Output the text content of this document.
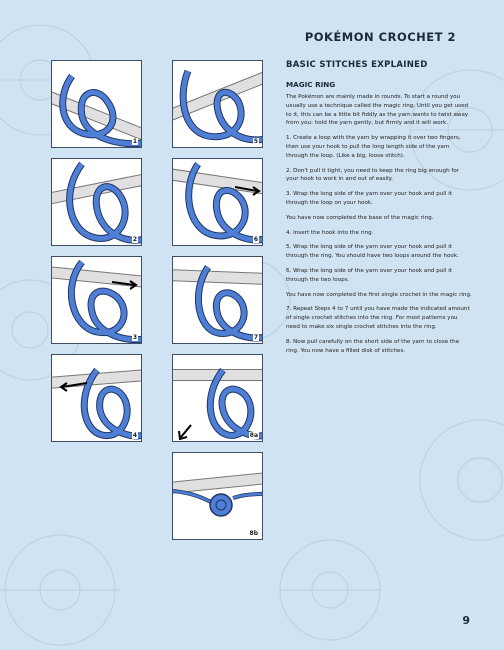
POKÉMON CROCHET 2
1
2
3
4
5
6
7
8a
8b
BASIC STITCHES EXPLAINED
MAGIC RING

The Pokémon are mainly made in rounds. To start a round you usually use a technique called the magic ring. Until you get used to it, this can be a little bit fiddly as the yarn wants to twist away from you: hold the yarn gently, but firmly and it will work.

1. Create a loop with the yarn by wrapping it over two fingers, then use your hook to pull the long length side of the yarn through the loop. (Like a big, loose stitch).

2. Don't pull it tight, you need to keep the ring big enough for your hook to work in and out of easily.

3. Wrap the long side of the yarn over your hook and pull it through the loop on your hook.

You have now completed the base of the magic ring.

4. Insert the hook into the ring.

5. Wrap the long side of the yarn over your hook and pull it through the ring. You should have two loops around the hook.

6. Wrap the long side of the yarn over your hook and pull it through the two loops.

You have now completed the first single crochet in the magic ring.

7. Repeat Steps 4 to 7 until you have made the indicated amount of single crochet stitches into the ring. For most patterns you need to make six single crochet stitches into the ring.

8. Now pull carefully on the short side of the yarn to close the ring. You now have a filled disk of stitches.

9
